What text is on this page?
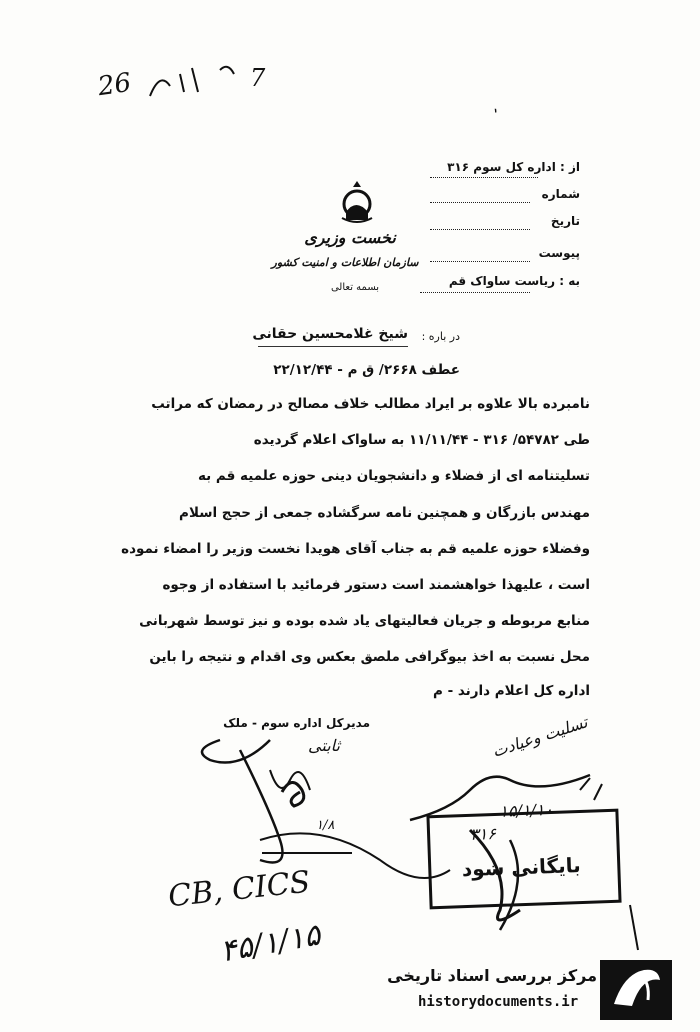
26	7
نخست وزیری
سازمان اطلاعات و امنیت کشور
بسمه تعالی
از : اداره کل سوم ۳۱۶
شماره
تاریخ
پیوست
به : ریاست ساواک قم
در باره :
شیخ غلامحسین حقانی
عطف ۲۶۶۸/ ق م - ۲۲/۱۲/۴۴
نامبرده بالا علاوه بر ایراد مطالب خلاف مصالح در رمضان که مراتب
طی ۵۴۷۸۲/ ۳۱۶ - ۱۱/۱۱/۴۴ به ساواک اعلام گردیده
تسلیتنامه ای از فضلاء و دانشجویان دینی حوزه علمیه قم به
مهندس بازرگان و همچنین نامه سرگشاده جمعی از حجج اسلام
وفضلاء حوزه علمیه قم به جناب آقای هویدا نخست وزیر را امضاء نموده
است ، علیهذا خواهشمند است دستور فرمائید با استفاده از وجوه
منابع مربوطه و جریان فعالیتهای یاد شده بوده و نیز توسط شهربانی
محل نسبت به اخذ بیوگرافی ملصق بعکس وی اقدام و نتیجه را باین
اداره کل اعلام دارند - م
مدیرکل اداره سوم - ملک
ثابتی	تسلیت وعیادت
۱۵/۱/۱۰
۳۱۶
بایگانی شود
۱/۸
CB, CICS
۴۵/۱/۱۵
مرکز بررسی اسناد تاریخی
historydocuments.ir
